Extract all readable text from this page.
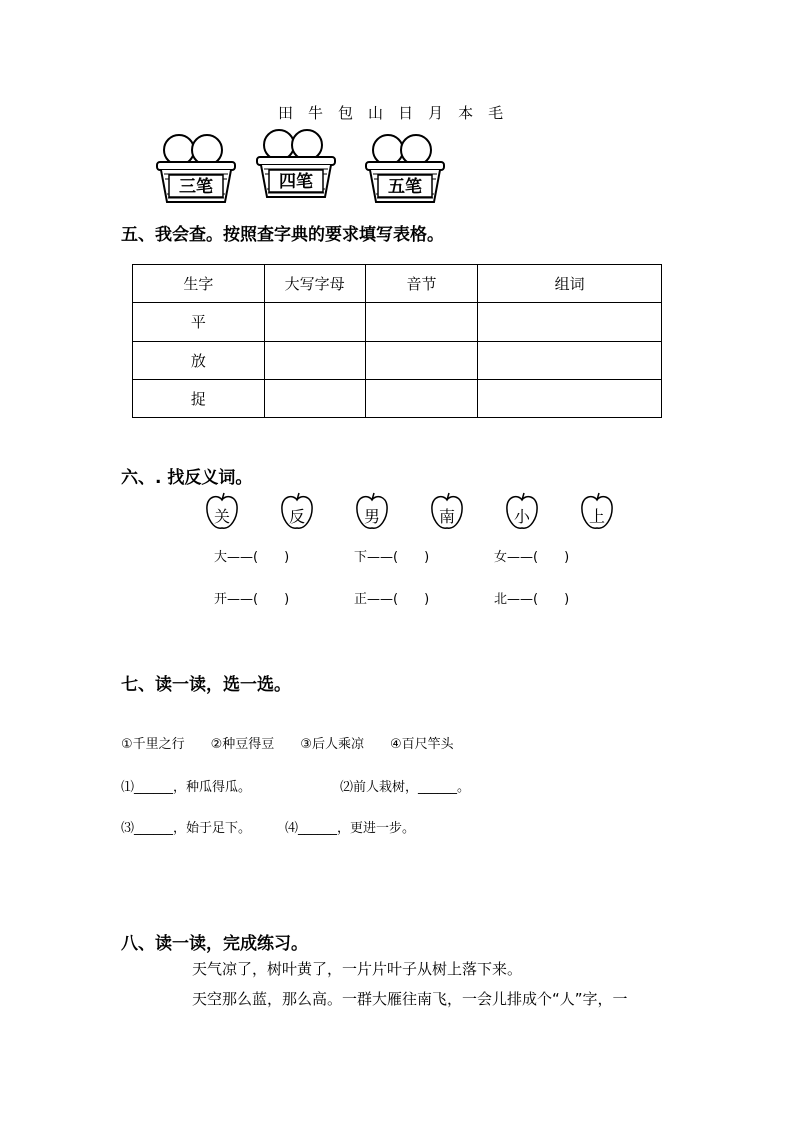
田 牛 包 山 日 月 本 毛
三笔	四笔	五笔
五、我会查。按照查字典的要求填写表格。
生字	大写字母	音节	组词
平			
放			
捉			
六、. 找反义词。
关	反	男	南	小	上
大——(　　)	下——(　　)	女——(　　)
开——(　　)	正——(　　)	北——(　　)
七、读一读，选一选。
①千里之行　　②种豆得豆　　③后人乘凉　　④百尺竿头
⑴______，种瓜得瓜。	⑵前人栽树，______。
⑶______，始于足下。	⑷______，更进一步。
八、读一读，完成练习。
天气凉了，树叶黄了，一片片叶子从树上落下来。
天空那么蓝，那么高。一群大雁往南飞，一会儿排成个“人”字，一
